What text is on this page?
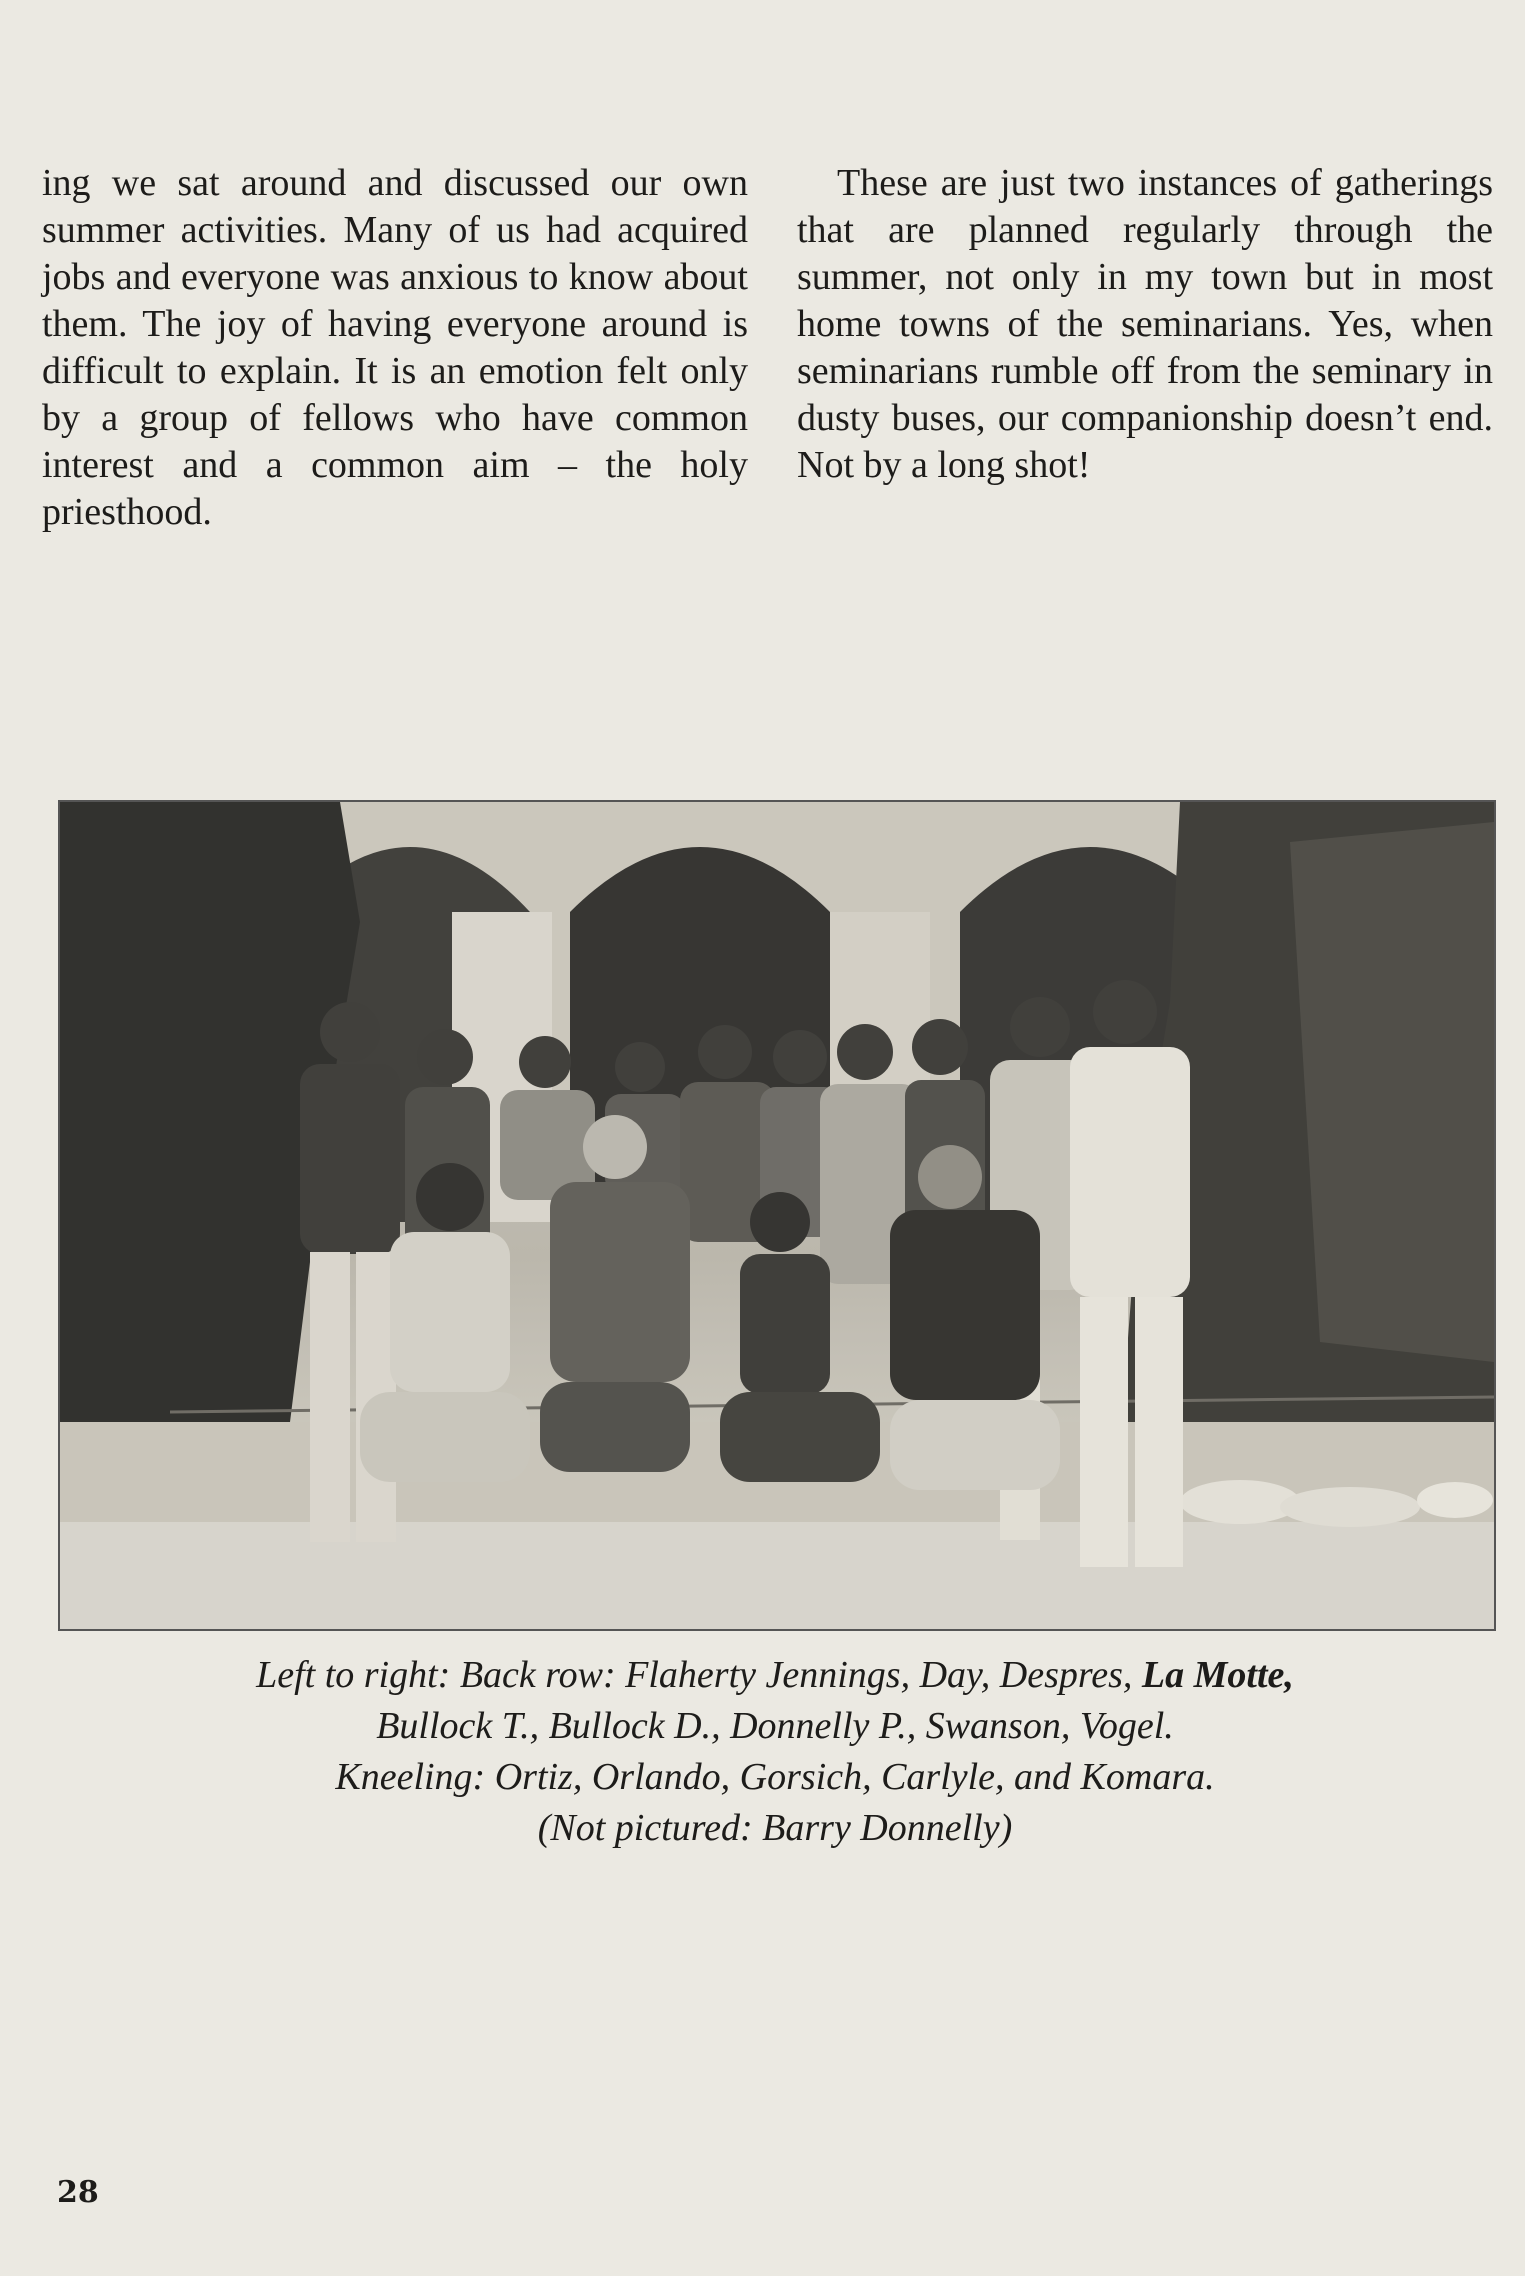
ing we sat around and discussed our own summer activities. Many of us had acquired jobs and everyone was anxious to know about them. The joy of having everyone around is difficult to explain. It is an emotion felt only by a group of fellows who have common interest and a common aim – the holy priesthood.

These are just two instances of gatherings that are planned regularly through the summer, not only in my town but in most home towns of the seminarians. Yes, when seminarians rumble off from the seminary in dusty buses, our companionship doesn’t end. Not by a long shot!

Left to right: Back row: Flaherty Jennings, Day, Despres, La Motte,
Bullock T., Bullock D., Donnelly P., Swanson, Vogel.
Kneeling: Ortiz, Orlando, Gorsich, Carlyle, and Komara.
(Not pictured: Barry Donnelly)
28
